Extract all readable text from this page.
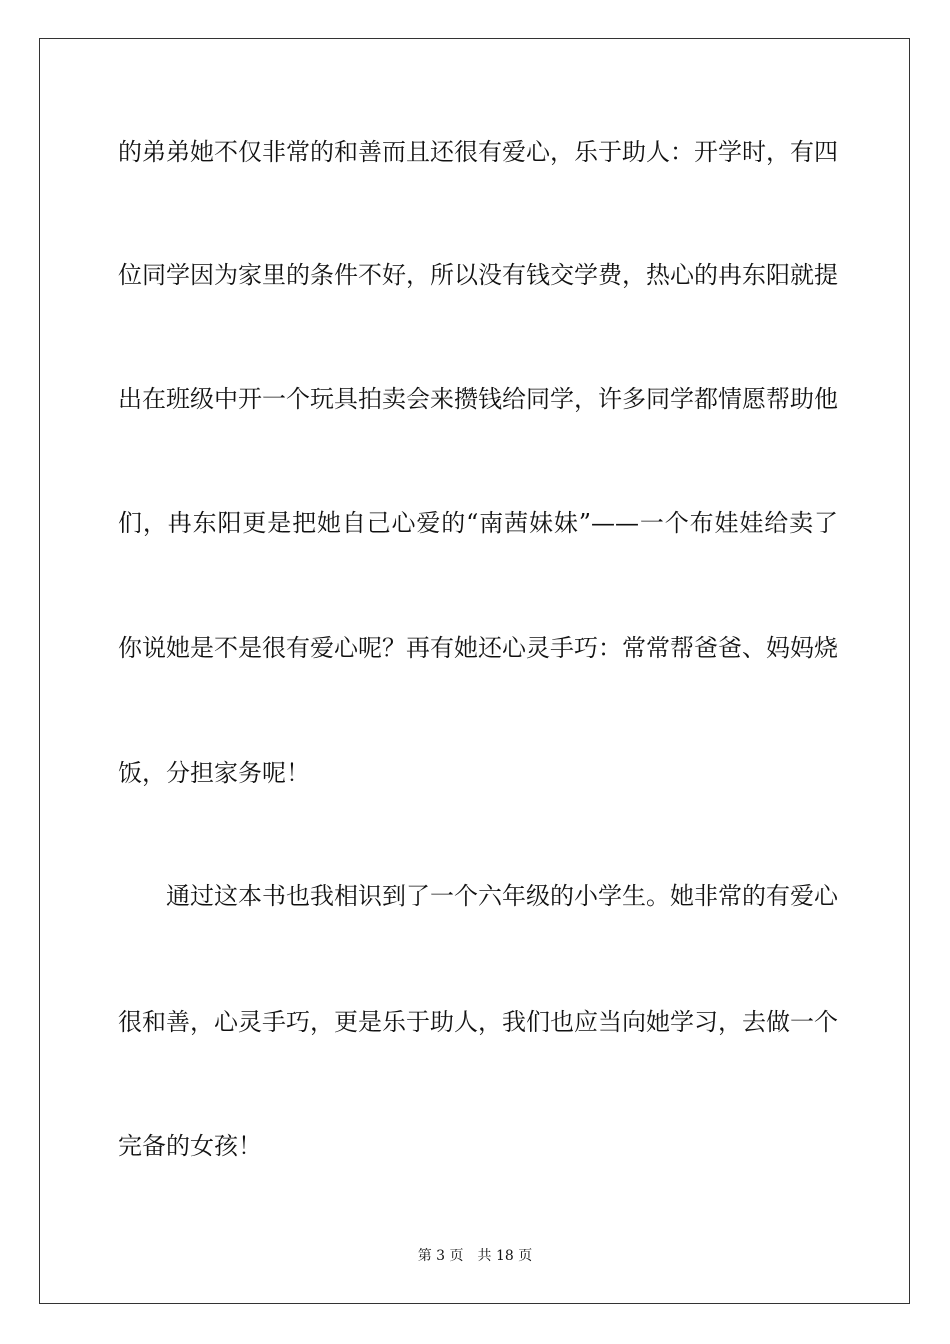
的弟弟她不仅非常的和善而且还很有爱心，乐于助人：开学时，有四
位同学因为家里的条件不好，所以没有钱交学费，热心的冉东阳就提
出在班级中开一个玩具拍卖会来攒钱给同学，许多同学都情愿帮助他
们，冉东阳更是把她自己心爱的“南茜妹妹”——一个布娃娃给卖了
你说她是不是很有爱心呢？再有她还心灵手巧：常常帮爸爸、妈妈烧
饭，分担家务呢！
通过这本书也我相识到了一个六年级的小学生。她非常的有爱心
很和善，心灵手巧，更是乐于助人，我们也应当向她学习，去做一个
完备的女孩！
第 3 页 共 18 页
